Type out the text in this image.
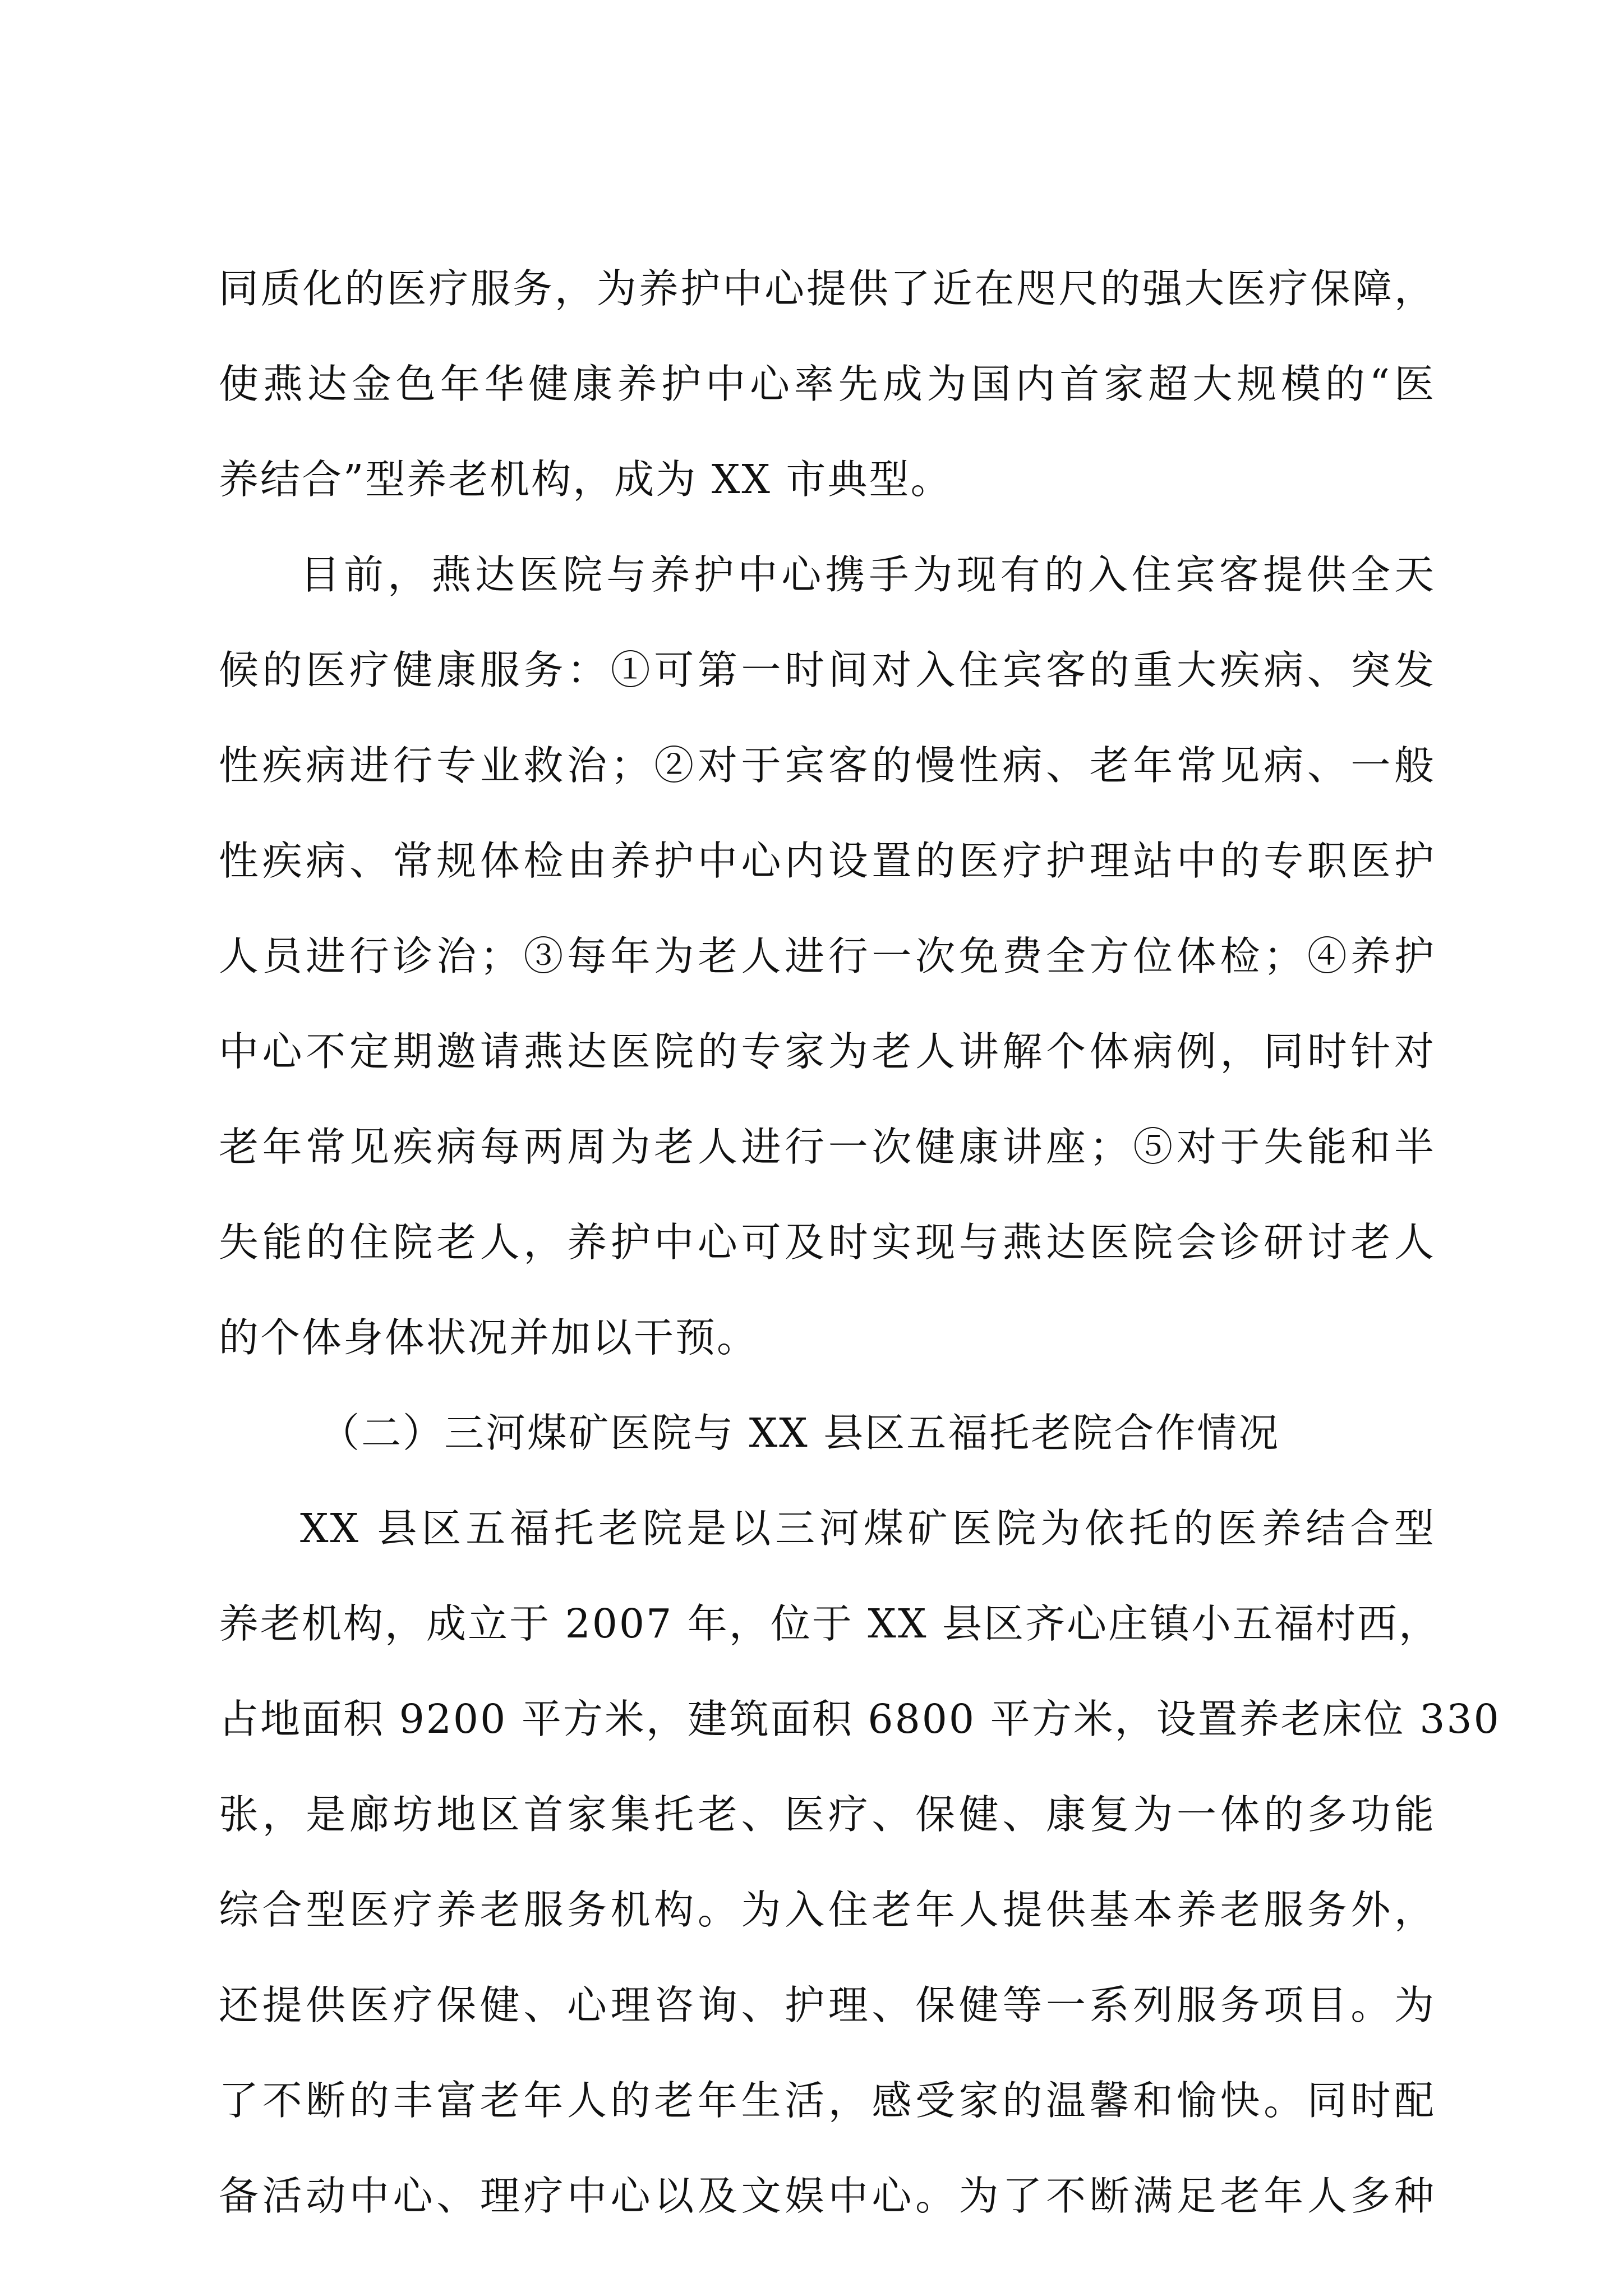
同质化的医疗服务，为养护中心提供了近在咫尺的强大医疗保障，
使燕达金色年华健康养护中心率先成为国内首家超大规模的“医
养结合”型养老机构，成为 XX 市典型。
目前，燕达医院与养护中心携手为现有的入住宾客提供全天
候的医疗健康服务：①可第一时间对入住宾客的重大疾病、突发
性疾病进行专业救治；②对于宾客的慢性病、老年常见病、一般
性疾病、常规体检由养护中心内设置的医疗护理站中的专职医护
人员进行诊治；③每年为老人进行一次免费全方位体检；④养护
中心不定期邀请燕达医院的专家为老人讲解个体病例，同时针对
老年常见疾病每两周为老人进行一次健康讲座；⑤对于失能和半
失能的住院老人，养护中心可及时实现与燕达医院会诊研讨老人
的个体身体状况并加以干预。
（二）三河煤矿医院与 XX 县区五福托老院合作情况
XX 县区五福托老院是以三河煤矿医院为依托的医养结合型
养老机构，成立于 2007 年，位于 XX 县区齐心庄镇小五福村西，
占地面积 9200 平方米，建筑面积 6800 平方米，设置养老床位 330
张，是廊坊地区首家集托老、医疗、保健、康复为一体的多功能
综合型医疗养老服务机构。为入住老年人提供基本养老服务外，
还提供医疗保健、心理咨询、护理、保健等一系列服务项目。为
了不断的丰富老年人的老年生活，感受家的温馨和愉快。同时配
备活动中心、理疗中心以及文娱中心。为了不断满足老年人多种
